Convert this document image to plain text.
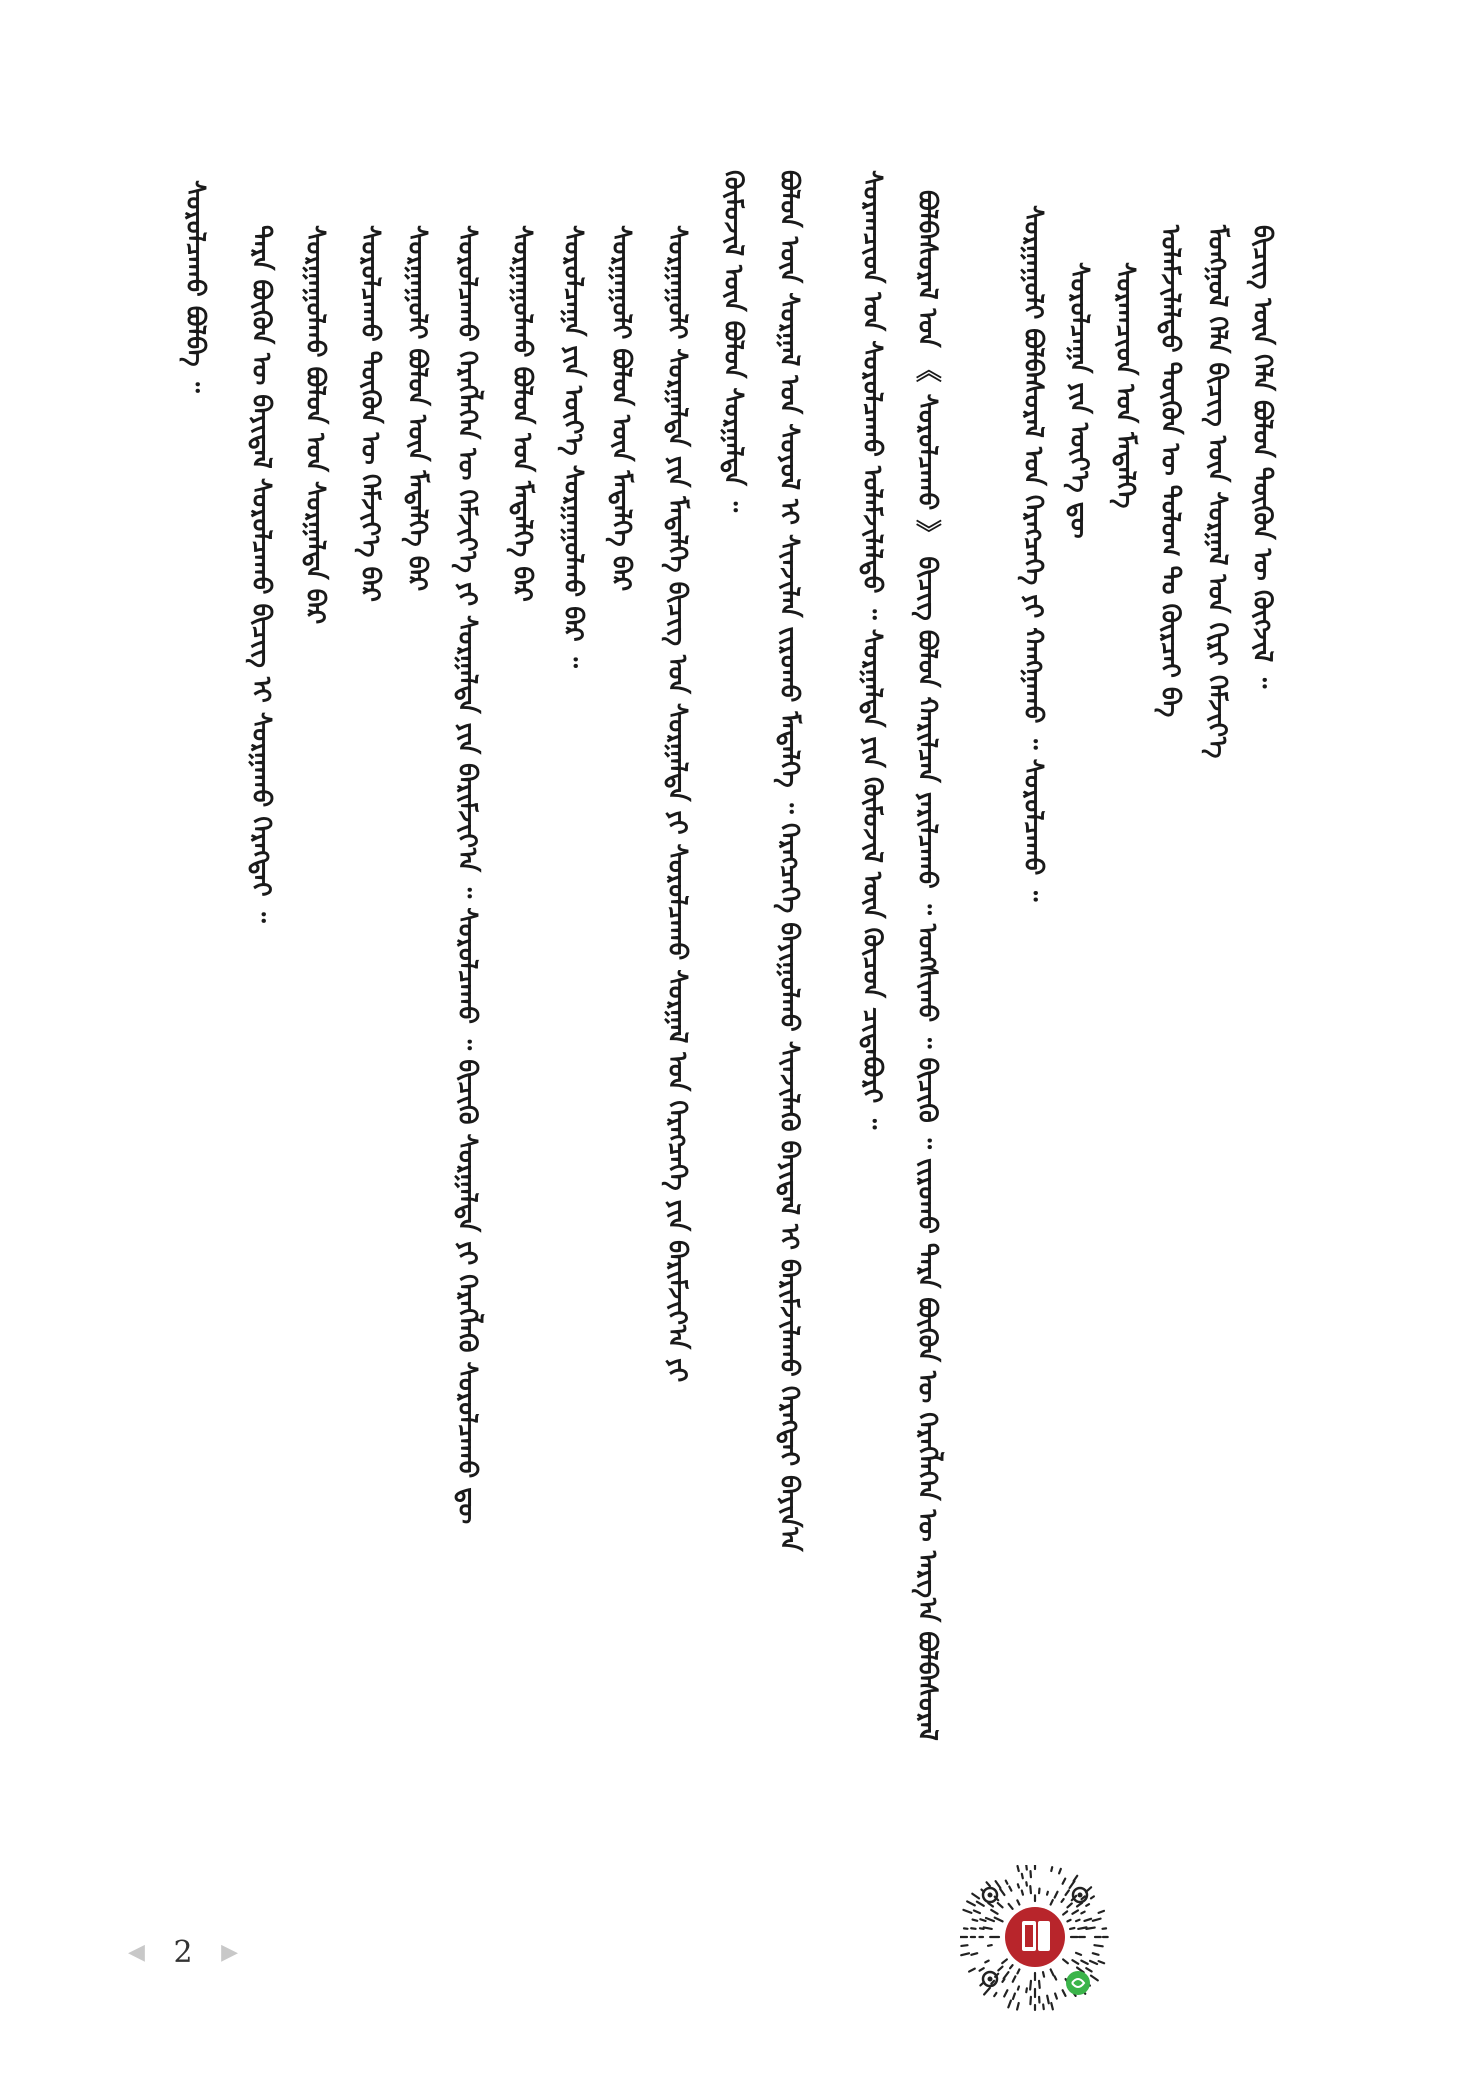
ᠪᠢᠴᠢᠭ᠌ ᠦᠨ ᠬᠡᠯᠡ ᠪᠣᠯᠤᠨ ᠲᠦᠭᠦᠨ ᠦ ᠬᠦᠭᠵᠢᠯ ᠃
ᠮᠣᠩᠭᠣᠯ ᠬᠡᠯᠡ ᠪᠢᠴᠢᠭ᠌ ᠦᠨ ᠰᠤᠷᠭᠠᠯ ᠤᠨ ᠬᠢᠷᠢ ᠬᠡᠮᠵᠢᠶ᠎ᠡ
ᠤᠯᠠᠮᠵᠢᠯᠠᠯᠲᠤ ᠲᠦᠭᠦᠨ ᠦ ᠲᠣᠯᠤᠭ ᠲᠤ ᠬᠦᠷᠴᠡᠢ ᠪᠡ
ᠰᠤᠷᠠᠭᠴᠢᠳ ᠤᠨ ᠮᠡᠳᠡᠯᠭᠡ
ᠰᠤᠷᠤᠯᠴᠠᠭᠠ ᠶᠢᠨ ᠦᠶ᠎ᠡ ᠳᠦ
ᠰᠤᠷᠭᠠᠭᠤᠯᠢ ᠪᠣᠯᠪᠠᠰᠤᠷᠠᠯ ᠤᠨ ᠬᠡᠷᠡᠭᠴᠡᠭᠡ ᠶᠢ ᠬᠠᠩᠭᠠᠬᠤ ᠃ ᠰᠤᠷᠤᠯᠴᠠᠬᠤ ᠃
ᠪᠣᠯᠪᠠᠰᠤᠷᠠᠯ ᠤᠨ 《 ᠰᠤᠷᠤᠯᠴᠠᠬᠤ 》 ᠪᠢᠴᠢᠭ ᠪᠣᠯᠤᠨ ᠬᠠᠷᠢᠯᠴᠠᠨ ᠶᠠᠷᠢᠯᠴᠠᠬᠤ ᠃ ᠤᠩᠰᠢᠬᠤ ᠃ ᠪᠢᠴᠢᠬᠦ ᠃ ᠵᠢᠷᠤᠬᠤ ᠲᠡᠷᠡ ᠪᠦᠬᠦᠨ ᠦ ᠬᠡᠷᠡᠭᠯᠡᠭᠡᠨ ᠦ ᠠᠷᠭ᠎ᠠ ᠪᠣᠯᠪᠠᠰᠤᠷᠠᠯ
ᠰᠤᠷᠠᠭᠴᠢᠳ ᠤᠨ ᠰᠤᠷᠤᠯᠴᠠᠬᠤ ᠤᠯᠠᠮᠵᠢᠯᠠᠯᠲᠤ ᠃ ᠰᠤᠷᠭᠠᠯᠲᠠ ᠶᠢᠨ ᠬᠦᠮᠦᠵᠢᠯ ᠦᠨ ᠬᠦᠴᠦᠨ ᠴᠢᠳᠠᠪᠤᠷᠢ ᠃
ᠪᠣᠯᠤᠨ ᠦᠨ ᠰᠤᠷᠭᠠᠯ ᠤᠨ ᠰᠣᠶᠤᠯ ᠢ ᠰᠢᠨᠵᠢᠯᠡᠨ ᠵᠢᠷᠤᠬᠤ ᠮᠡᠳᠡᠯᠭᠡ ᠃ ᠬᠡᠷᠡᠭᠴᠡᠭᠡ ᠪᠠᠶᠢᠭᠤᠯᠬᠤ ᠰᠢᠨᠵᠢᠯᠡᠬᠦ ᠪᠠᠶᠢᠳᠠᠯ ᠢ ᠪᠠᠷᠢᠮᠵᠢᠯᠠᠬᠤ ᠬᠡᠷᠡᠭᠲᠡᠢ ᠪᠠᠶᠢᠨ᠎ᠠ
ᠬᠦᠮᠦᠵᠢᠯ ᠦᠨ ᠪᠣᠯᠤᠨ ᠰᠤᠷᠭᠠᠯᠲᠠ ᠃
ᠰᠤᠷᠭᠠᠭᠤᠯᠢ ᠰᠤᠷᠭᠠᠯᠲᠠ ᠶᠢᠨ ᠮᠡᠳᠡᠯᠭᠡ ᠪᠢᠴᠢᠭ ᠤᠨ ᠰᠤᠷᠭᠠᠯᠲᠠ ᠶᠢ ᠰᠤᠷᠤᠯᠴᠠᠬᠤ ᠰᠤᠷᠭᠠᠯ ᠤᠨ ᠬᠡᠷᠡᠭᠴᠡᠭᠡ ᠶᠢᠨ ᠪᠠᠷᠢᠮᠵᠢᠶ᠎ᠠ ᠶᠢ
ᠰᠤᠷᠭᠠᠭᠤᠯᠢ ᠪᠣᠯᠤᠨ ᠦᠨ ᠮᠡᠳᠡᠯᠭᠡ ᠪᠠᠷ
ᠰᠤᠷᠤᠯᠴᠠᠭᠠ ᠶᠢᠨ ᠦᠶ᠎ᠡ ᠰᠤᠷᠭᠠᠭᠤᠯᠬᠤ ᠪᠠᠷ ᠃
ᠰᠤᠷᠭᠠᠭᠤᠯᠬᠤ ᠪᠣᠯᠤᠨ ᠤᠨ ᠮᠡᠳᠡᠯᠭᠡ ᠪᠠᠷ
ᠰᠤᠷᠤᠯᠴᠠᠬᠤ ᠬᠡᠷᠡᠭᠯᠡᠭᠡᠨ ᠦ ᠬᠡᠮᠵᠢᠶ᠎ᠡ ᠶᠢ ᠰᠤᠷᠭᠠᠯᠲᠠ ᠶᠢᠨ ᠪᠠᠷᠢᠮᠵᠢᠶ᠎ᠠ ᠃ ᠰᠤᠷᠤᠯᠴᠠᠬᠤ ᠃ ᠪᠢᠴᠢᠬᠦ ᠰᠤᠷᠭᠠᠯᠲᠠ ᠶᠢ ᠬᠡᠷᠡᠭᠯᠡᠬᠦ ᠰᠤᠷᠤᠯᠴᠠᠬᠤ ᠳᠦ
ᠰᠤᠷᠭᠠᠭᠤᠯᠢ ᠪᠣᠯᠤᠨ ᠦᠨ ᠮᠡᠳᠡᠯᠭᠡ ᠪᠠᠷ
ᠰᠤᠷᠤᠯᠴᠠᠬᠤ ᠲᠦᠭᠦᠨ ᠦ ᠬᠡᠮᠵᠢᠶ᠎ᠡ ᠪᠠᠷ
ᠰᠤᠷᠭᠠᠭᠤᠯᠬᠤ ᠪᠣᠯᠤᠨ ᠤᠨ ᠰᠤᠷᠭᠠᠯᠲᠠ ᠪᠠᠷ
ᠲᠡᠷᠡ ᠪᠦᠬᠦᠨ ᠦ ᠪᠠᠶᠢᠳᠠᠯ ᠰᠤᠷᠤᠯᠴᠠᠬᠤ ᠪᠢᠴᠢᠭ ᠢ ᠰᠤᠷᠭᠠᠬᠤ ᠬᠡᠷᠡᠭᠲᠡᠢ ᠃
ᠰᠤᠷᠤᠯᠴᠠᠬᠤ ᠪᠣᠯᠪᠠ ᠃
◀ 2 ▶
